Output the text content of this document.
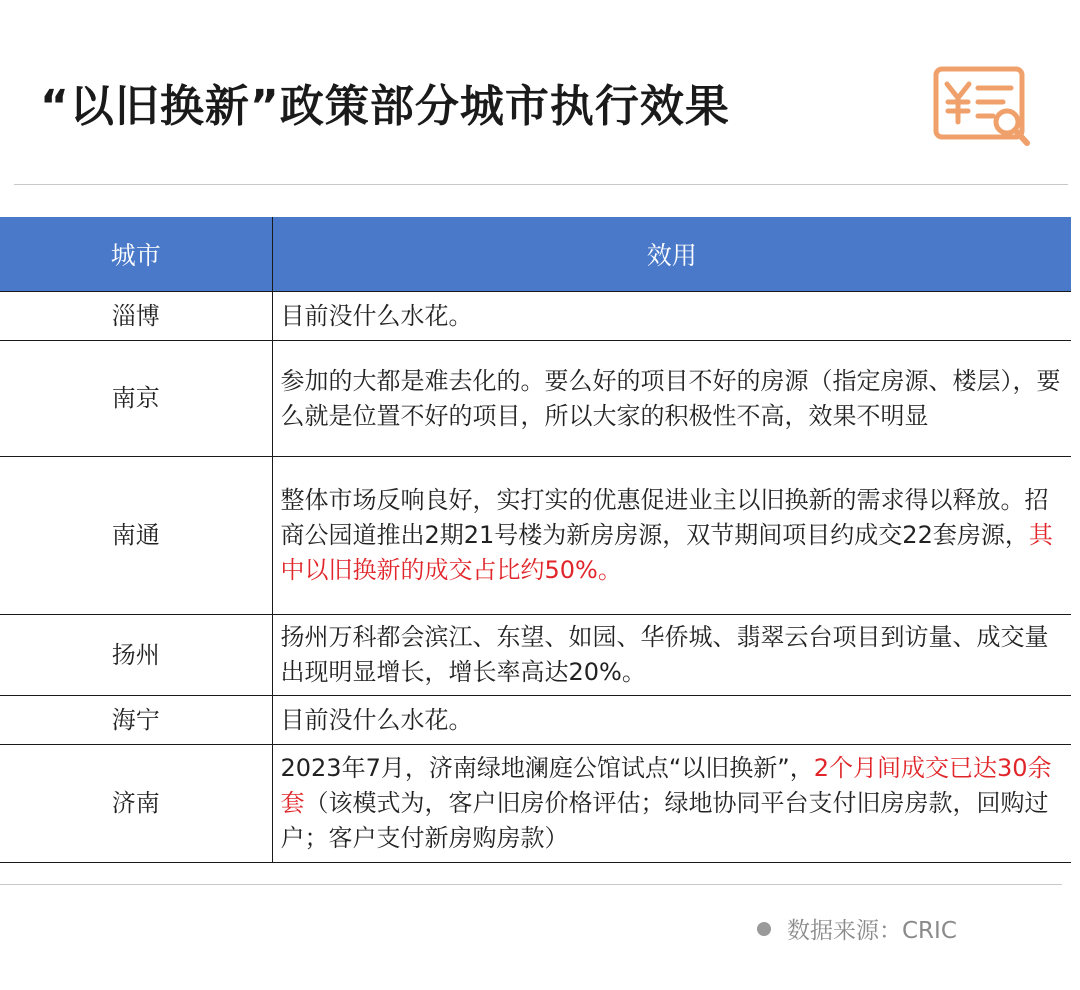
“以旧换新”政策部分城市执行效果
城市	效用
淄博	目前没什么水花。
南京	参加的大都是难去化的。要么好的项目不好的房源（指定房源、楼层），要么就是位置不好的项目，所以大家的积极性不高，效果不明显
南通	整体市场反响良好，实打实的优惠促进业主以旧换新的需求得以释放。招商公园道推出2期21号楼为新房房源，双节期间项目约成交22套房源，其中以旧换新的成交占比约50%。
扬州	扬州万科都会滨江、东望、如园、华侨城、翡翠云台项目到访量、成交量出现明显增长，增长率高达20%。
海宁	目前没什么水花。
济南	2023年7月，济南绿地澜庭公馆试点“以旧换新”，2个月间成交已达30余套（该模式为，客户旧房价格评估；绿地协同平台支付旧房房款，回购过户；客户支付新房购房款）
数据来源：CRIC
